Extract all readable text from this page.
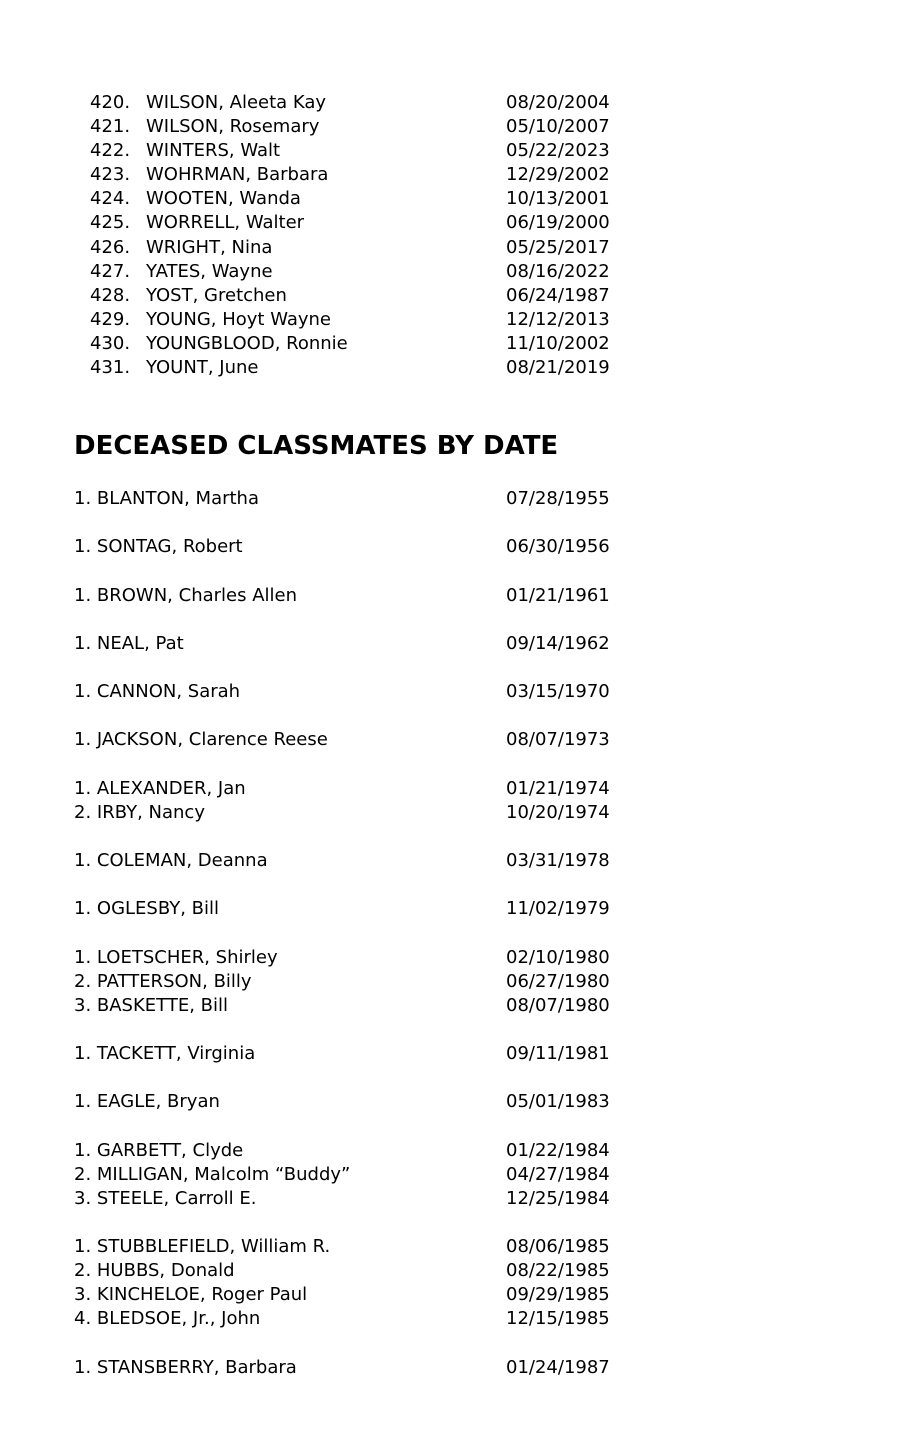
420. WILSON, Aleeta Kay	08/20/2004
421. WILSON, Rosemary	05/10/2007
422. WINTERS, Walt	05/22/2023
423. WOHRMAN, Barbara	12/29/2002
424. WOOTEN, Wanda	10/13/2001
425. WORRELL, Walter	06/19/2000
426. WRIGHT, Nina	05/25/2017
427. YATES, Wayne	08/16/2022
428. YOST, Gretchen	06/24/1987
429. YOUNG, Hoyt Wayne	12/12/2013
430. YOUNGBLOOD, Ronnie	11/10/2002
431. YOUNT, June	08/21/2019
DECEASED CLASSMATES BY DATE
1. BLANTON, Martha	07/28/1955
1. SONTAG, Robert	06/30/1956
1. BROWN, Charles Allen	01/21/1961
1. NEAL, Pat	09/14/1962
1. CANNON, Sarah	03/15/1970
1. JACKSON, Clarence Reese	08/07/1973
1. ALEXANDER, Jan	01/21/1974
2. IRBY, Nancy	10/20/1974
1. COLEMAN, Deanna	03/31/1978
1. OGLESBY, Bill	11/02/1979
1. LOETSCHER, Shirley	02/10/1980
2. PATTERSON, Billy	06/27/1980
3. BASKETTE, Bill	08/07/1980
1. TACKETT, Virginia	09/11/1981
1. EAGLE, Bryan	05/01/1983
1. GARBETT, Clyde	01/22/1984
2. MILLIGAN, Malcolm “Buddy”	04/27/1984
3. STEELE, Carroll E.	12/25/1984
1. STUBBLEFIELD, William R.	08/06/1985
2. HUBBS, Donald	08/22/1985
3. KINCHELOE, Roger Paul	09/29/1985
4. BLEDSOE, Jr., John	12/15/1985
1. STANSBERRY, Barbara	01/24/1987
